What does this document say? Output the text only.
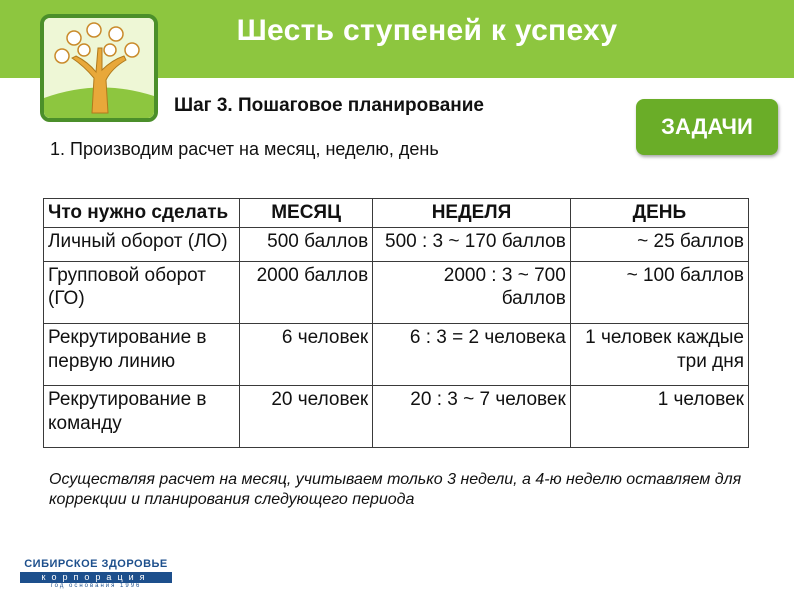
Шесть ступеней к успеху
Шаг 3. Пошаговое планирование
1. Производим расчет на месяц, неделю, день
ЗАДАЧИ
Что нужно сделать	МЕСЯЦ	НЕДЕЛЯ	ДЕНЬ
Личный оборот (ЛО)	500 баллов	500 : 3 ~ 170 баллов	~ 25 баллов
Групповой оборот (ГО)	2000 баллов	2000 : 3 ~ 700 баллов	~ 100 баллов
Рекрутирование в первую линию	6 человек	6 : 3 = 2 человека	1 человек каждые три дня
Рекрутирование в команду	20 человек	20 : 3 ~ 7 человек	1 человек
Осуществляя расчет на месяц, учитываем только 3 недели, а 4-ю неделю оставляем для коррекции и планирования следующего периода
СИБИРСКОЕ ЗДОРОВЬЕ
корпорация
год основания 1996
